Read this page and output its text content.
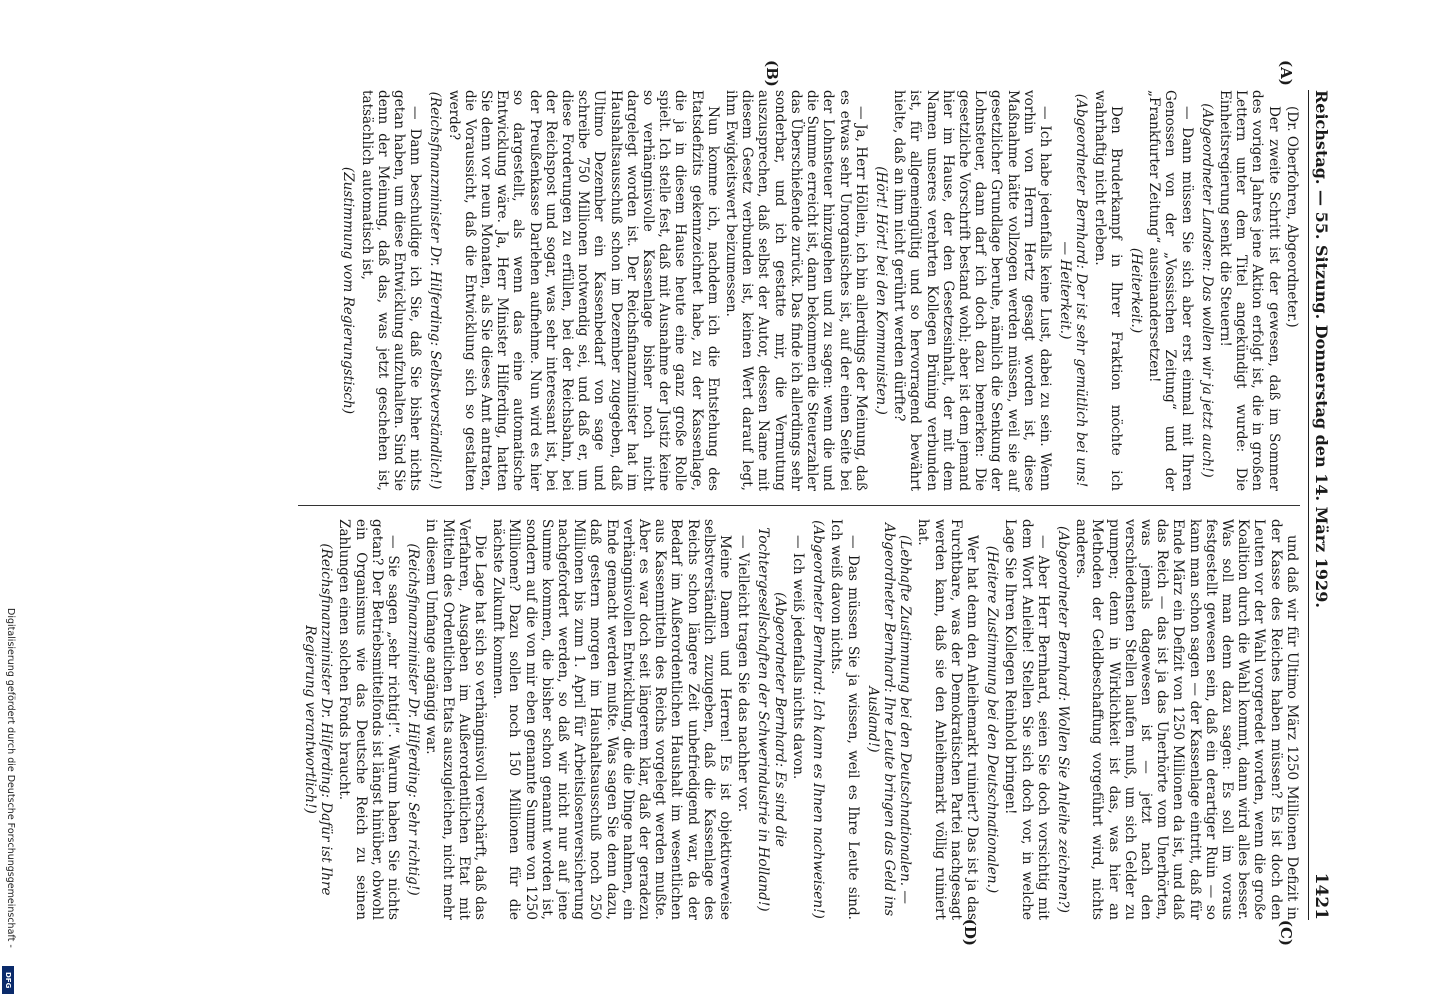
Reichstag. — 55. Sitzung. Donnerstag den 14. März 1929.
1421
(A)
(B)
(C)
(D)

(Dr. Oberfohren, Abgeordneter.)

Der zweite Schritt ist der gewesen, daß im Sommer des vorigen Jahres jene Aktion erfolgt ist, die in großen Lettern unter dem Titel angekündigt wurde: Die Einheitsregierung senkt die Steuern!

(Abgeordneter Landsen: Das wollen wir ja jetzt auch!)

— Dann müssen Sie sich aber erst einmal mit Ihren Genossen von der „Vossischen Zeitung“ und der „Frankfurter Zeitung“ auseinandersetzen!

(Heiterkeit.)

Den Bruderkampf in Ihrer Fraktion möchte ich wahrhaftig nicht erleben.

(Abgeordneter Bernhard: Der ist sehr gemütlich bei uns! — Heiterkeit.)

— Ich habe jedenfalls keine Lust, dabei zu sein. Wenn vorhin von Herrn Hertz gesagt worden ist, diese Maßnahme hätte vollzogen werden müssen, weil sie auf gesetzlicher Grundlage beruhe, nämlich die Senkung der Lohnsteuer, dann darf ich doch dazu bemerken: Die gesetzliche Vorschrift bestand wohl; aber ist dem jemand hier im Hause, der den Gesetzesinhalt, der mit dem Namen unseres verehrten Kollegen Brüning verbunden ist, für allgemeingültig und so hervorragend bewährt hielte, daß an ihm nicht gerührt werden dürfte?

(Hört! Hört! bei den Kommunisten.)

— Ja, Herr Höllein, ich bin allerdings der Meinung, daß es etwas sehr Unorganisches ist, auf der einen Seite bei der Lohnsteuer hinzugehen und zu sagen: wenn die und die Summe erreicht ist, dann bekommen die Steuerzahler das Überschießende zurück. Das finde ich allerdings sehr sonderbar, und ich gestatte mir, die Vermutung auszusprechen, daß selbst der Autor, dessen Name mit diesem Gesetz verbunden ist, keinen Wert darauf legt, ihm Ewigkeitswert beizumessen.

Nun komme ich, nachdem ich die Entstehung des Etatsdefizits gekennzeichnet habe, zu der Kassenlage, die ja in diesem Hause heute eine ganz große Rolle spielt. Ich stelle fest, daß mit Ausnahme der Justiz keine so verhängnisvolle Kassenlage bisher noch nicht dargelegt worden ist. Der Reichsfinanzminister hat im Haushaltsausschuß schon im Dezember zugegeben, daß Ultimo Dezember ein Kassenbedarf von sage und schreibe 750 Millionen notwendig sei, und daß er, um diese Forderungen zu erfüllen, bei der Reichsbahn, bei der Reichspost und sogar, was sehr interessant ist, bei der Preußenkasse Darlehen aufnehme. Nun wird es hier so dargestellt, als wenn das eine automatische Entwicklung wäre. Ja, Herr Minister Hilferding, hatten Sie denn vor neun Monaten, als Sie dieses Amt antraten, die Voraussicht, daß die Entwicklung sich so gestalten werde?

(Reichsfinanzminister Dr. Hilferding: Selbstverständlich!)

— Dann beschuldige ich Sie, daß Sie bisher nichts getan haben, um diese Entwicklung aufzuhalten. Sind Sie denn der Meinung, daß das, was jetzt geschehen ist, tatsächlich automatisch ist,

(Zustimmung vom Regierungstisch)

und daß wir für Ultimo März 1250 Millionen Defizit in der Kasse des Reiches haben müssen? Es ist doch den Leuten vor der Wahl vorgeredet worden, wenn die große Koalition durch die Wahl kommt, dann wird alles besser. Was soll man denn dazu sagen: Es soll im voraus festgestellt gewesen sein, daß ein derartiger Ruin — so kann man schon sagen — der Kassenlage eintritt, daß für Ende März ein Defizit von 1250 Millionen da ist, und daß das Reich — das ist ja das Unerhörte vom Unerhörten, was jemals dagewesen ist — jetzt nach den verschiedensten Stellen laufen muß, um sich Gelder zu pumpen; denn in Wirklichkeit ist das, was hier an Methoden der Geldbeschaffung vorgeführt wird, nichts anderes.

(Abgeordneter Bernhard: Wollen Sie Anleihe zeichnen?)

— Aber Herr Bernhard, seien Sie doch vorsichtig mit dem Wort Anleihe! Stellen Sie sich doch vor, in welche Lage Sie Ihren Kollegen Reinhold bringen!

(Heitere Zustimmung bei den Deutschnationalen.)

Wer hat denn den Anleihemarkt ruiniert? Das ist ja das Furchtbare, was der Demokratischen Partei nachgesagt werden kann, daß sie den Anleihemarkt völlig ruiniert hat.

(Lebhafte Zustimmung bei den Deutschnationalen. — Abgeordneter Bernhard: Ihre Leute bringen das Geld ins Ausland!)

— Das müssen Sie ja wissen, weil es Ihre Leute sind. Ich weiß davon nichts.

(Abgeordneter Bernhard: Ich kann es Ihnen nachweisen!)

— Ich weiß jedenfalls nichts davon.

(Abgeordneter Bernhard: Es sind die Tochtergesellschaften der Schwerindustrie in Holland!)

— Vielleicht tragen Sie das nachher vor.

Meine Damen und Herren! Es ist objektiverweise selbstverständlich zuzugeben, daß die Kassenlage des Reichs schon längere Zeit unbefriedigend war, da der Bedarf im Außerordentlichen Haushalt im wesentlichen aus Kassenmitteln des Reichs vorgelegt werden mußte. Aber es war doch seit längerem klar, daß der geradezu verhängnisvollen Entwicklung, die die Dinge nahmen, ein Ende gemacht werden mußte. Was sagen Sie denn dazu, daß gestern morgen im Haushaltsausschuß noch 250 Millionen bis zum 1. April für Arbeitslosenversicherung nachgefordert werden, so daß wir nicht nur auf jene Summe kommen, die bisher schon genannt worden ist, sondern auf die von mir eben genannte Summe von 1250 Millionen? Dazu sollen noch 150 Millionen für die nächste Zukunft kommen.

Die Lage hat sich so verhängnisvoll verschärft, daß das Verfahren, Ausgaben im Außerordentlichen Etat mit Mitteln des Ordentlichen Etats auszugleichen, nicht mehr in diesem Umfange angängig war.

(Reichsfinanzminister Dr. Hilferding: Sehr richtig!)

— Sie sagen „sehr richtig!“. Warum haben Sie nichts getan? Der Betriebsmittelfonds ist längst hinüber, obwohl ein Organismus wie das Deutsche Reich zu seinen Zahlungen einen solchen Fonds braucht.

(Reichsfinanzminister Dr. Hilferding: Dafür ist Ihre Regierung verantwortlich!)

Digitalisierung gefördert durch die Deutsche Forschungsgemeinschaft -
DFG
